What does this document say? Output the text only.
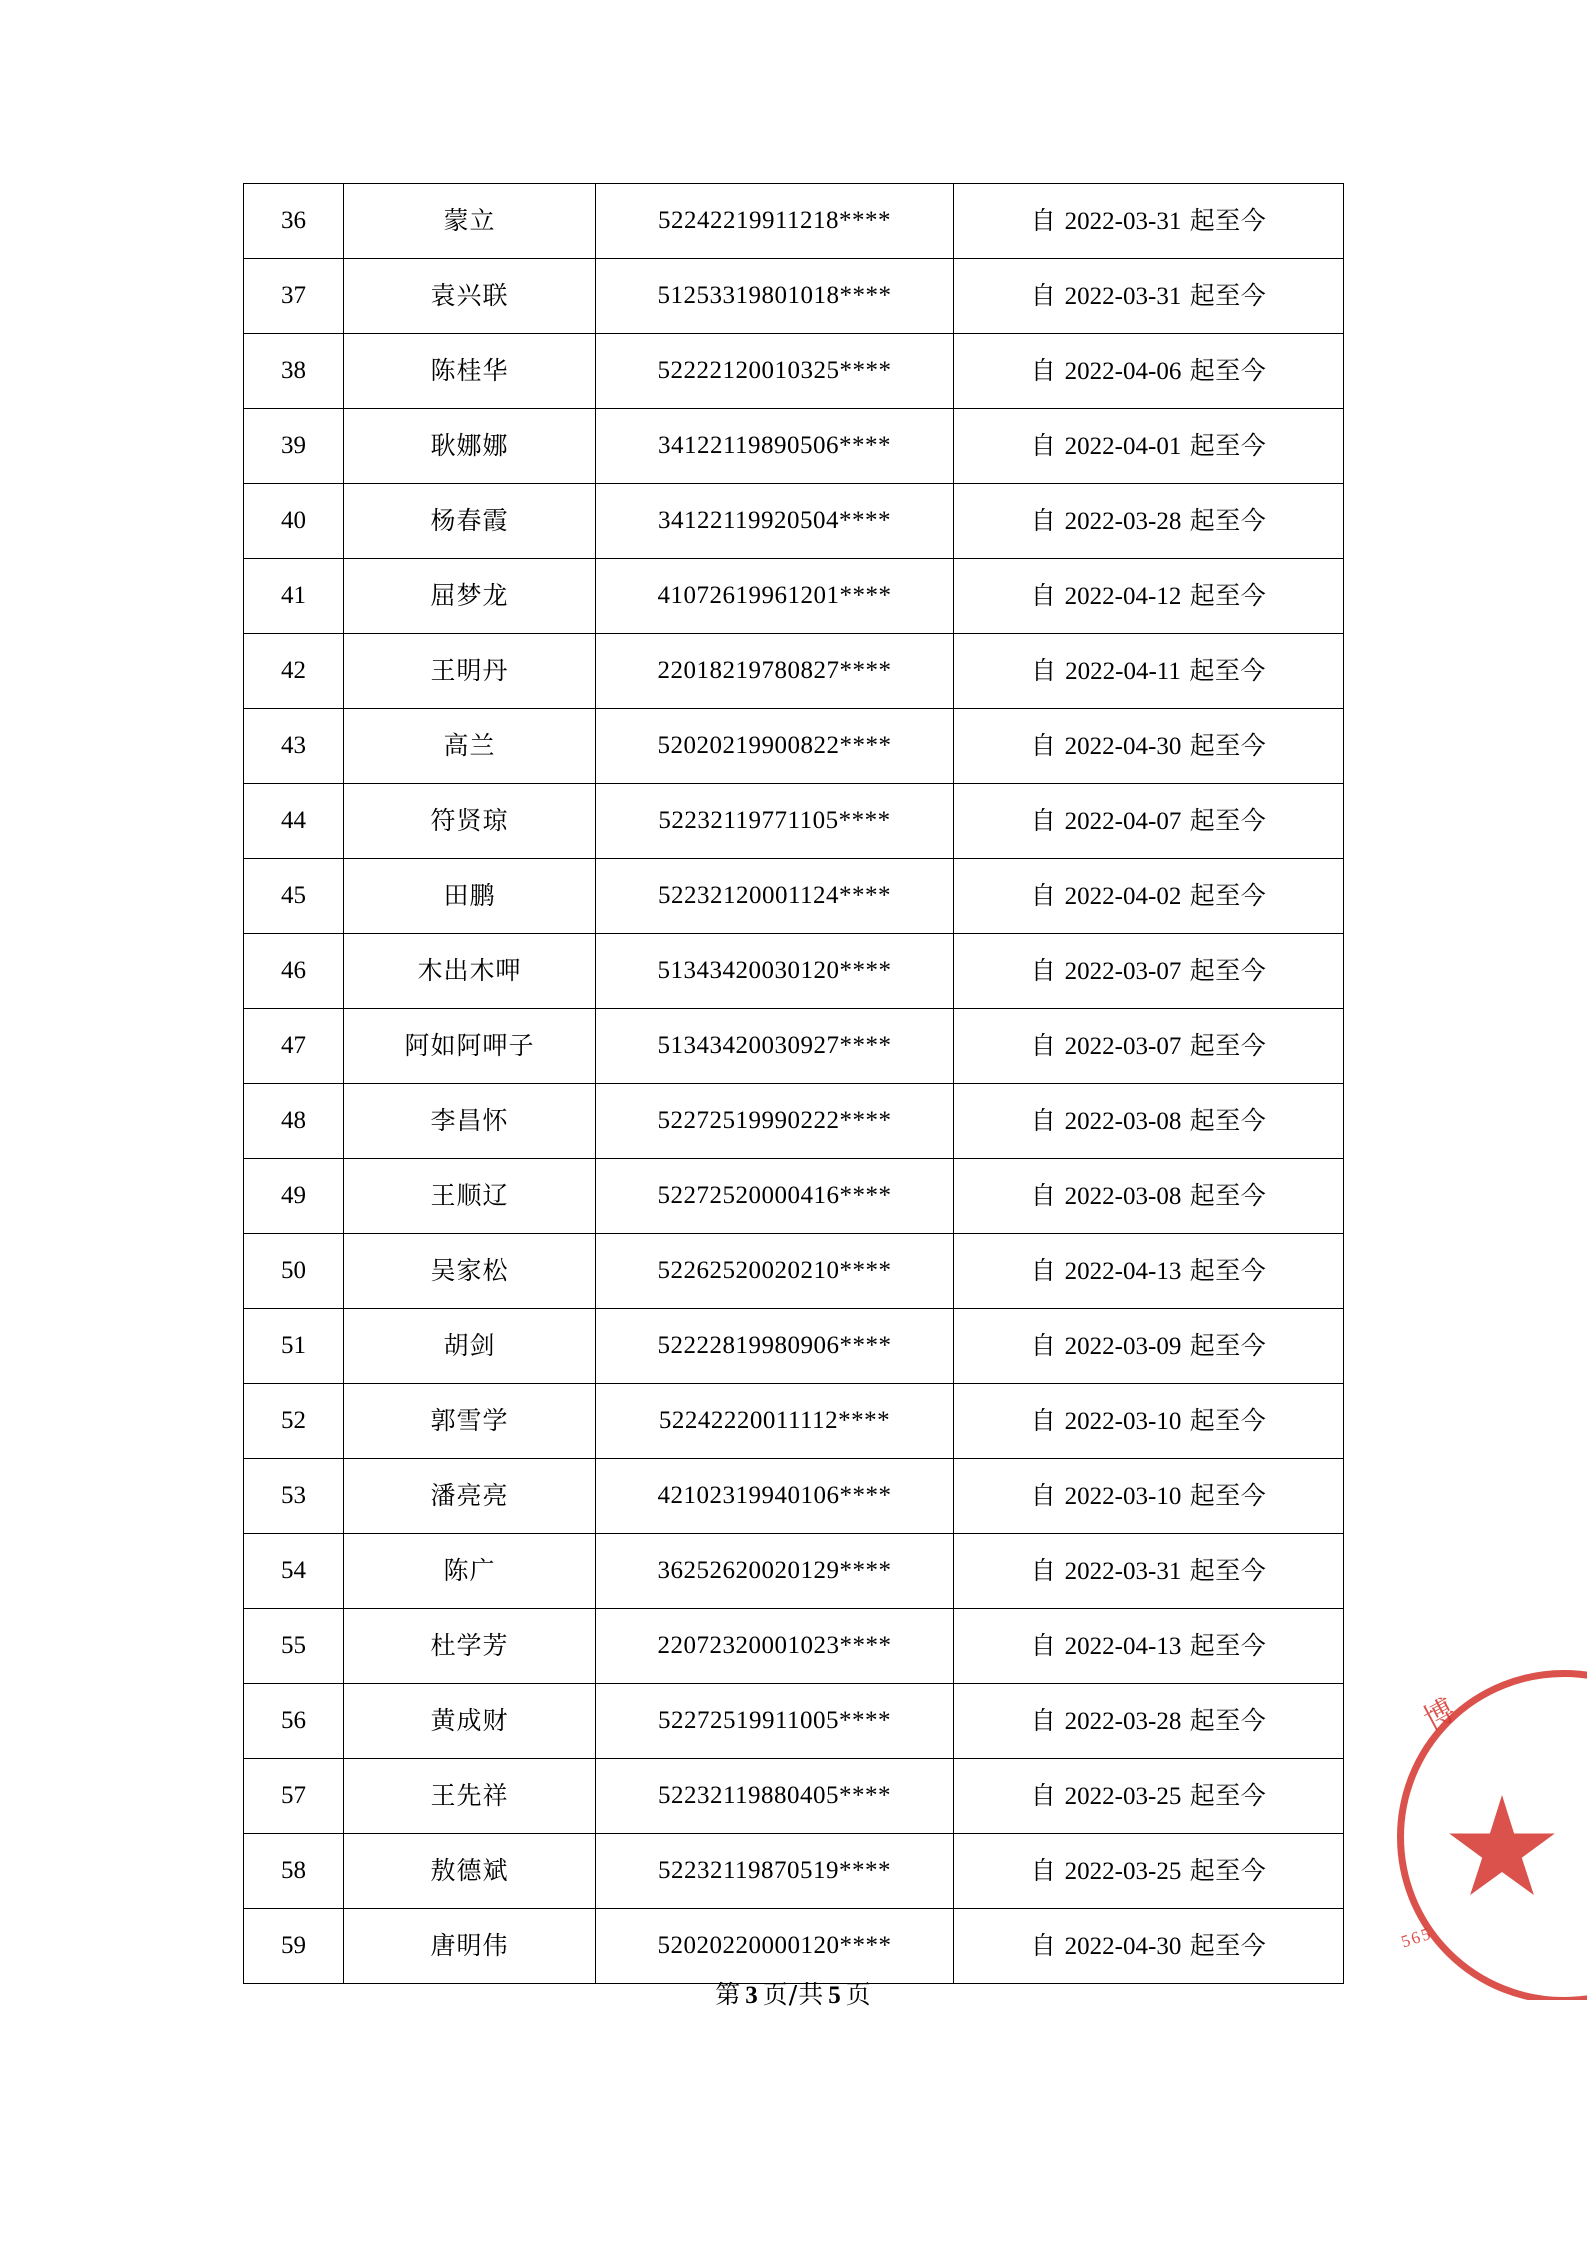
36	蒙立	52242219911218****	自 2022-03-31 起至今
37	袁兴联	51253319801018****	自 2022-03-31 起至今
38	陈桂华	52222120010325****	自 2022-04-06 起至今
39	耿娜娜	34122119890506****	自 2022-04-01 起至今
40	杨春霞	34122119920504****	自 2022-03-28 起至今
41	屈梦龙	41072619961201****	自 2022-04-12 起至今
42	王明丹	22018219780827****	自 2022-04-11 起至今
43	高兰	52020219900822****	自 2022-04-30 起至今
44	符贤琼	52232119771105****	自 2022-04-07 起至今
45	田鹏	52232120001124****	自 2022-04-02 起至今
46	木出木呷	51343420030120****	自 2022-03-07 起至今
47	阿如阿呷子	51343420030927****	自 2022-03-07 起至今
48	李昌怀	52272519990222****	自 2022-03-08 起至今
49	王顺辽	52272520000416****	自 2022-03-08 起至今
50	吴家松	52262520020210****	自 2022-04-13 起至今
51	胡剑	52222819980906****	自 2022-03-09 起至今
52	郭雪学	52242220011112****	自 2022-03-10 起至今
53	潘亮亮	42102319940106****	自 2022-03-10 起至今
54	陈广	36252620020129****	自 2022-03-31 起至今
55	杜学芳	22072320001023****	自 2022-04-13 起至今
56	黄成财	52272519911005****	自 2022-03-28 起至今
57	王先祥	52232119880405****	自 2022-03-25 起至今
58	敖德斌	52232119870519****	自 2022-03-25 起至今
59	唐明伟	52020220000120****	自 2022-04-30 起至今
第 3 页/共 5 页
博
565
